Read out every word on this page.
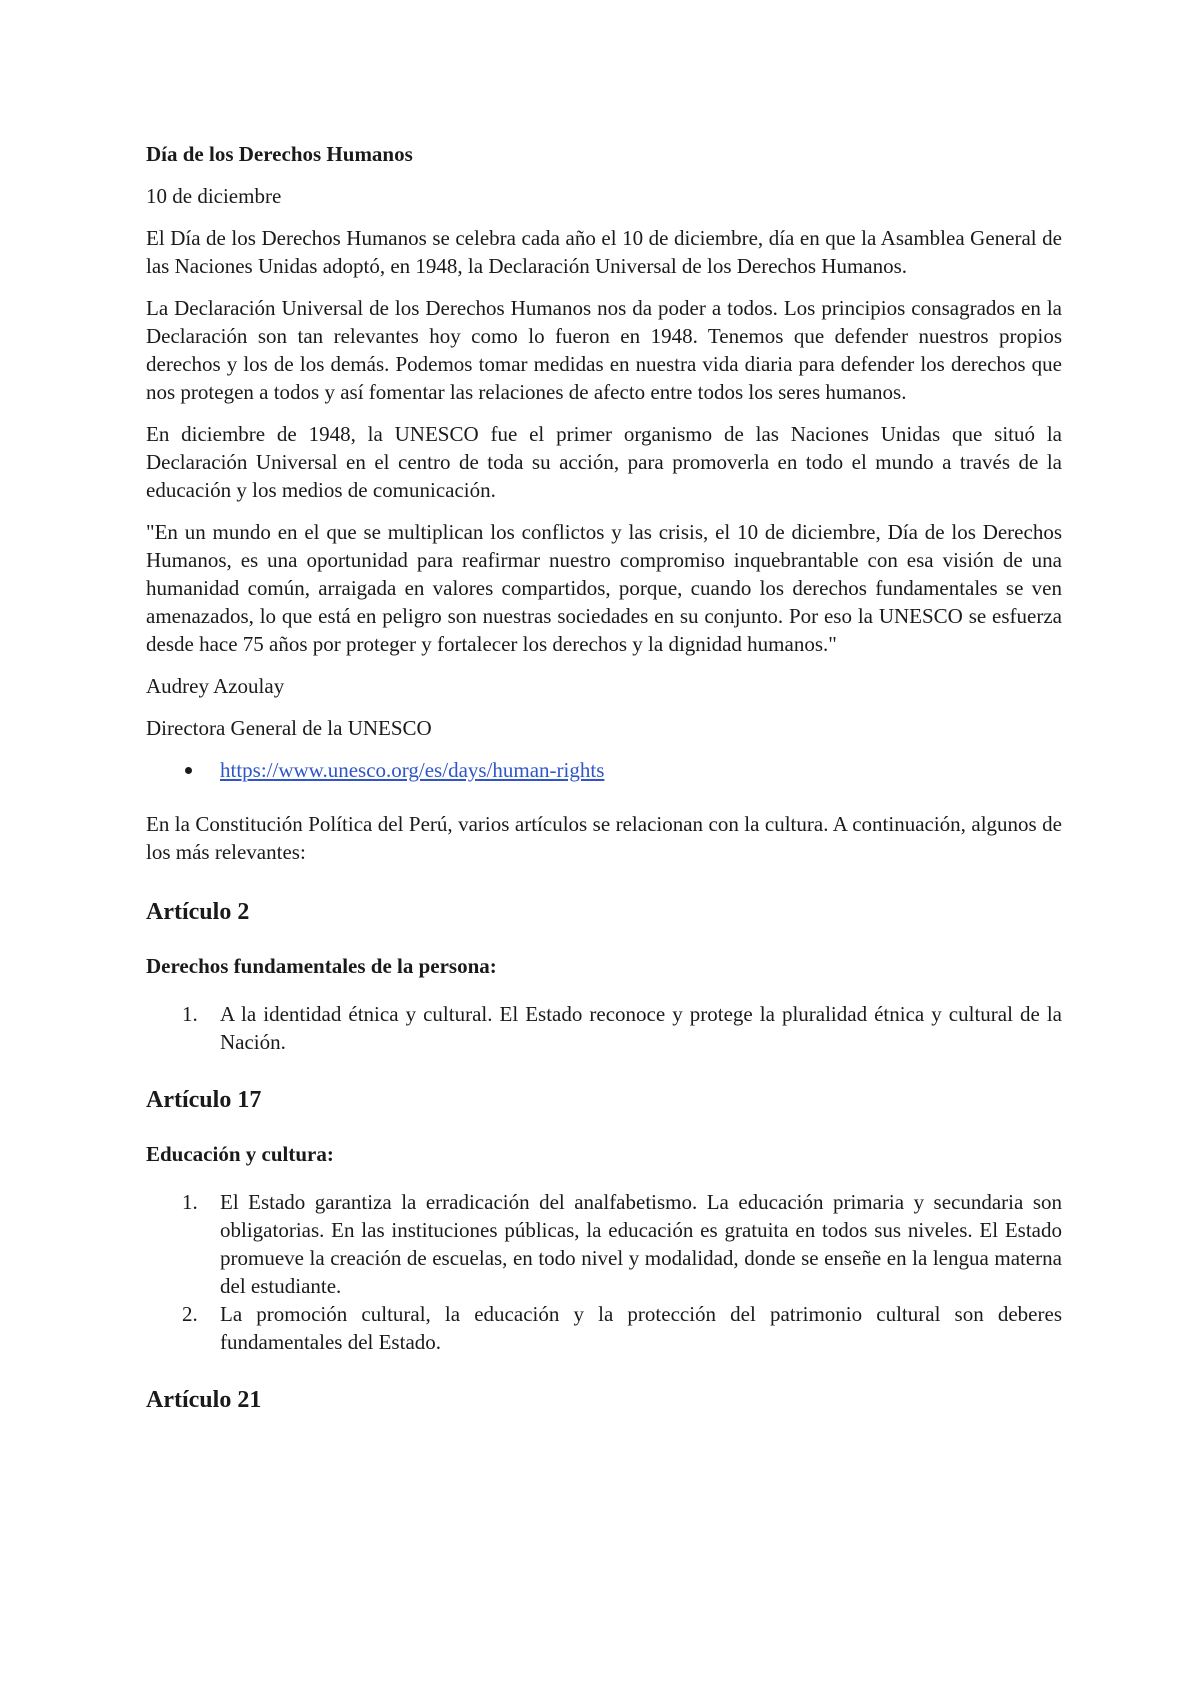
Día de los Derechos Humanos

10 de diciembre

El Día de los Derechos Humanos se celebra cada año el 10 de diciembre, día en que la Asamblea General de las Naciones Unidas adoptó, en 1948, la Declaración Universal de los Derechos Humanos.

La Declaración Universal de los Derechos Humanos nos da poder a todos. Los principios consagrados en la Declaración son tan relevantes hoy como lo fueron en 1948. Tenemos que defender nuestros propios derechos y los de los demás. Podemos tomar medidas en nuestra vida diaria para defender los derechos que nos protegen a todos y así fomentar las relaciones de afecto entre todos los seres humanos.

En diciembre de 1948, la UNESCO fue el primer organismo de las Naciones Unidas que situó la Declaración Universal en el centro de toda su acción, para promoverla en todo el mundo a través de la educación y los medios de comunicación.

"En un mundo en el que se multiplican los conflictos y las crisis, el 10 de diciembre, Día de los Derechos Humanos, es una oportunidad para reafirmar nuestro compromiso inquebrantable con esa visión de una humanidad común, arraigada en valores compartidos, porque, cuando los derechos fundamentales se ven amenazados, lo que está en peligro son nuestras sociedades en su conjunto. Por eso la UNESCO se esfuerza desde hace 75 años por proteger y fortalecer los derechos y la dignidad humanos."

Audrey Azoulay

Directora General de la UNESCO

https://www.unesco.org/es/days/human-rights

En la Constitución Política del Perú, varios artículos se relacionan con la cultura. A continuación, algunos de los más relevantes:

Artículo 2

Derechos fundamentales de la persona:

1. A la identidad étnica y cultural. El Estado reconoce y protege la pluralidad étnica y cultural de la Nación.
Artículo 17

Educación y cultura:

1. El Estado garantiza la erradicación del analfabetismo. La educación primaria y secundaria son obligatorias. En las instituciones públicas, la educación es gratuita en todos sus niveles. El Estado promueve la creación de escuelas, en todo nivel y modalidad, donde se enseñe en la lengua materna del estudiante.
2. La promoción cultural, la educación y la protección del patrimonio cultural son deberes fundamentales del Estado.
Artículo 21
